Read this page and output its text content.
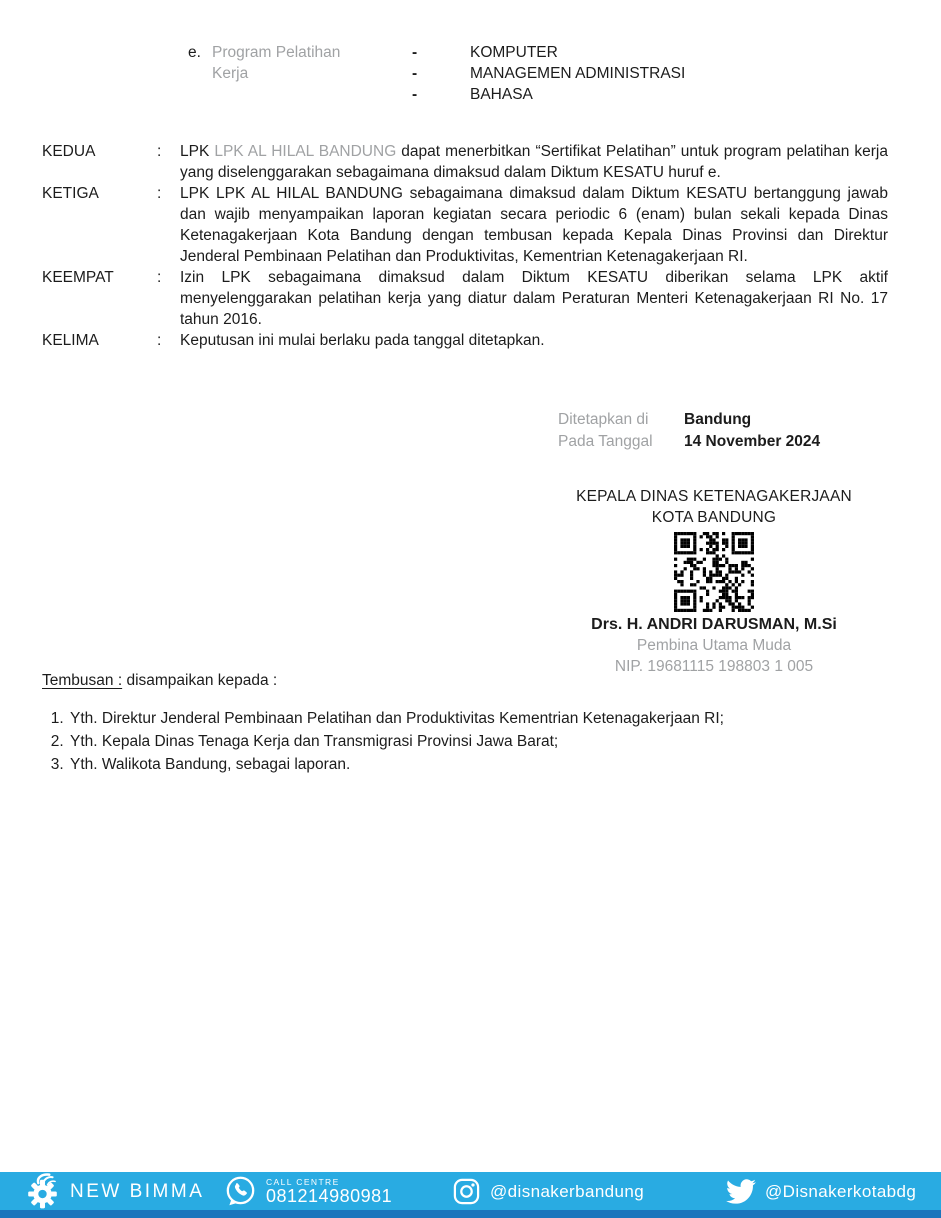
e. Program Pelatihan Kerja
-	KOMPUTER
-	MANAGEMEN ADMINISTRASI
-	BAHASA
KEDUA	:	LPK LPK AL HILAL BANDUNG dapat menerbitkan “Sertifikat Pelatihan” untuk program pelatihan kerja yang diselenggarakan sebagaimana dimaksud dalam Diktum KESATU huruf e.
KETIGA	:	LPK LPK AL HILAL BANDUNG sebagaimana dimaksud dalam Diktum KESATU bertanggung jawab dan wajib menyampaikan laporan kegiatan secara periodic 6 (enam) bulan sekali kepada Dinas Ketenagakerjaan Kota Bandung dengan tembusan kepada Kepala Dinas Provinsi dan Direktur Jenderal Pembinaan Pelatihan dan Produktivitas, Kementrian Ketenagakerjaan RI.
KEEMPAT	:	Izin LPK sebagaimana dimaksud dalam Diktum KESATU diberikan selama LPK aktif menyelenggarakan pelatihan kerja yang diatur dalam Peraturan Menteri Ketenagakerjaan RI No. 17 tahun 2016.
KELIMA	:	Keputusan ini mulai berlaku pada tanggal ditetapkan.
Ditetapkan di	Bandung
Pada Tanggal	14 November 2024
KEPALA DINAS KETENAGAKERJAAN
KOTA BANDUNG
Drs. H. ANDRI DARUSMAN, M.Si
Pembina Utama Muda
NIP. 19681115 198803 1 005
Tembusan : disampaikan kepada :
1. Yth. Direktur Jenderal Pembinaan Pelatihan dan Produktivitas Kementrian Ketenagakerjaan RI;
2. Yth. Kepala Dinas Tenaga Kerja dan Transmigrasi Provinsi Jawa Barat;
3. Yth. Walikota Bandung, sebagai laporan.
NEW BIMMA	CALL CENTRE
081214980981	@disnakerbandung	@Disnakerkotabdg
